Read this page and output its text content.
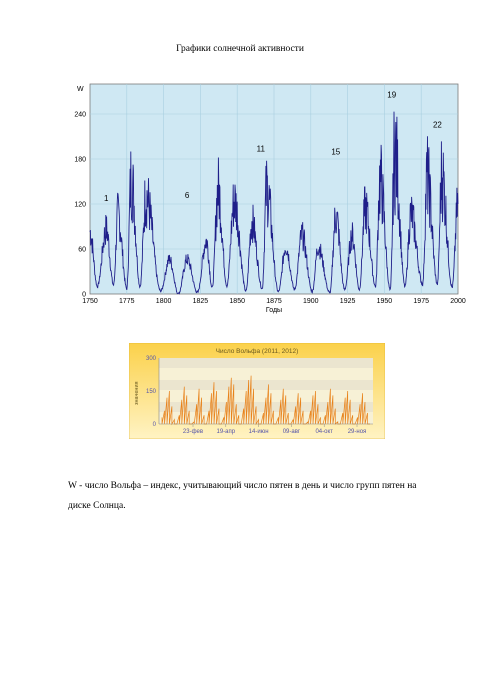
Графики солнечной активности
1750	1775	1800	1825	1850	1875	1900	1925	1950	1975	2000
0
60
120
180
240
1	6
11	15
19
22
W
Годы
Число Вольфа (2011, 2012)
0
150
300
23-фев 19-апр 14-июн 09-авг	04-окт 29-ноя
значения
W - число Вольфа – индекс, учитывающий число пятен в день и число групп пятен на диске Солнца.
